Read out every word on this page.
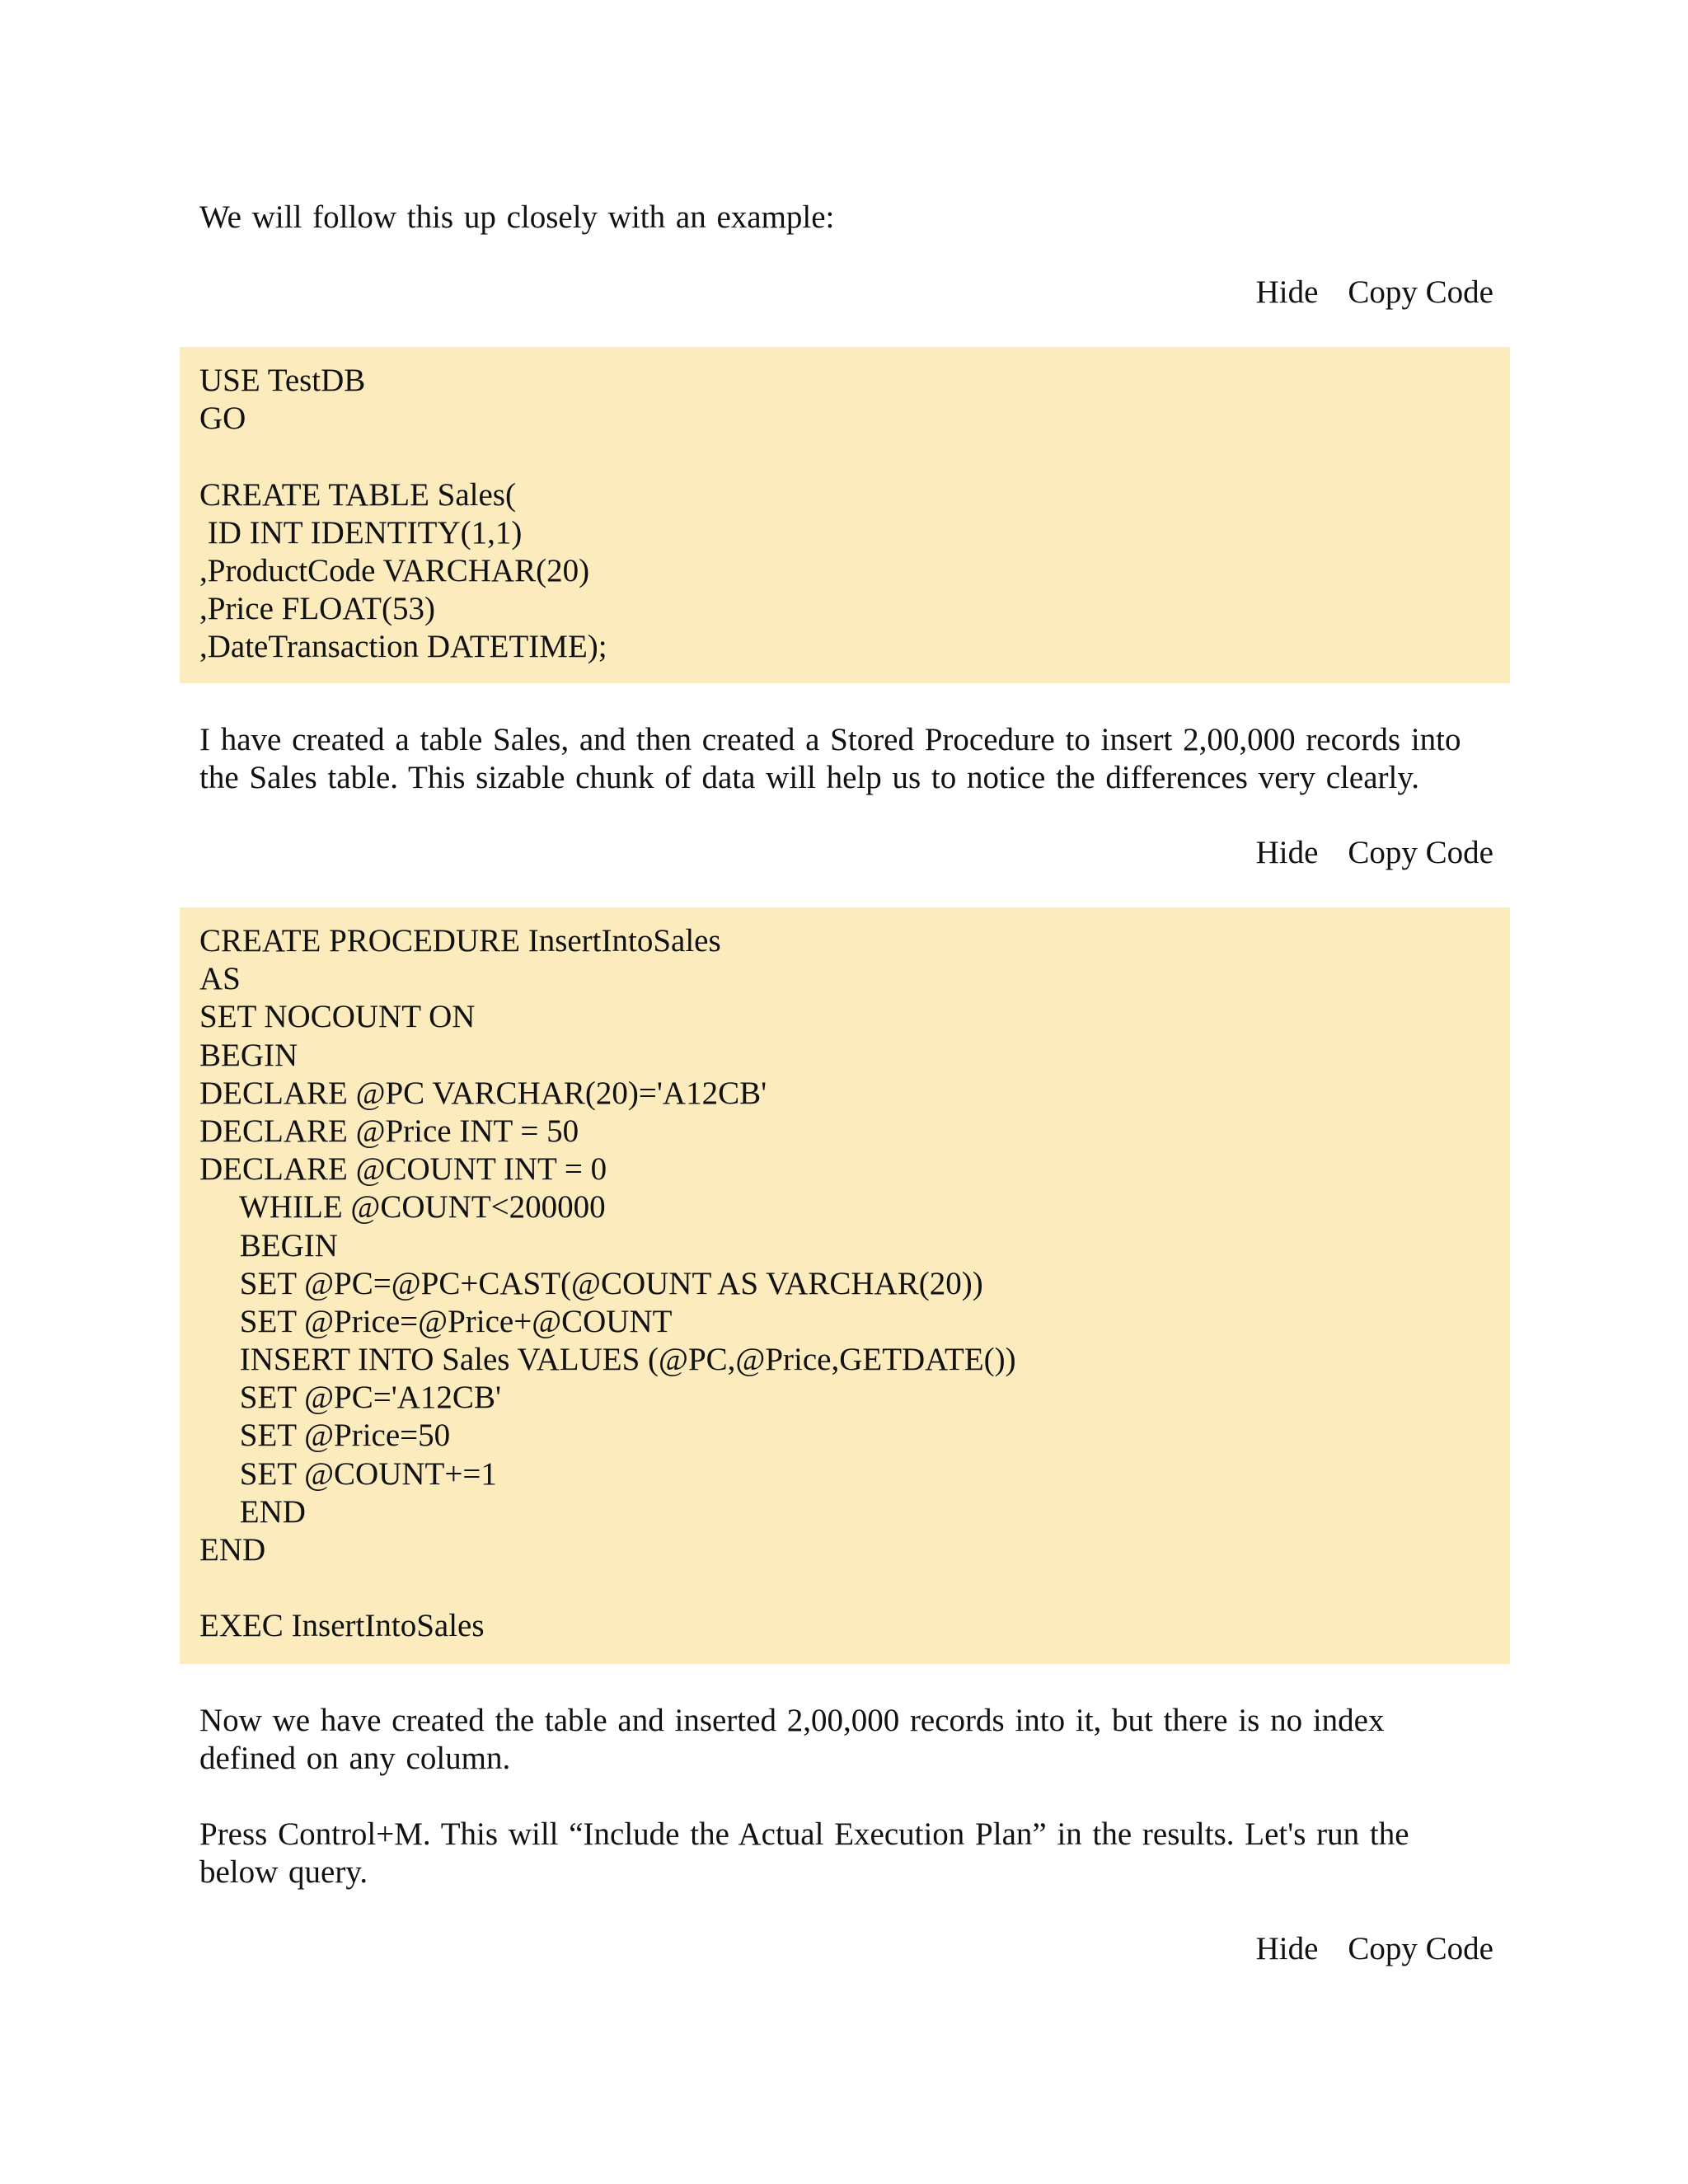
We will follow this up closely with an example:

Hide Copy Code
USE TestDB
GO
CREATE TABLE Sales(
ID INT IDENTITY(1,1)
,ProductCode VARCHAR(20)
,Price FLOAT(53)
,DateTransaction DATETIME);

I have created a table Sales, and then created a Stored Procedure to insert 2,00,000 records into the Sales table. This sizable chunk of data will help us to notice the differences very clearly.

Hide Copy Code
CREATE PROCEDURE InsertIntoSales
AS
SET NOCOUNT ON
BEGIN
DECLARE @PC VARCHAR(20)='A12CB'
DECLARE @Price INT = 50
DECLARE @COUNT INT = 0
WHILE @COUNT<200000
BEGIN
SET @PC=@PC+CAST(@COUNT AS VARCHAR(20))
SET @Price=@Price+@COUNT
INSERT INTO Sales VALUES (@PC,@Price,GETDATE())
SET @PC='A12CB'
SET @Price=50
SET @COUNT+=1
END
END
EXEC InsertIntoSales

Now we have created the table and inserted 2,00,000 records into it, but there is no index defined on any column.

Press Control+M. This will “Include the Actual Execution Plan” in the results. Let's run the below query.

Hide Copy Code
